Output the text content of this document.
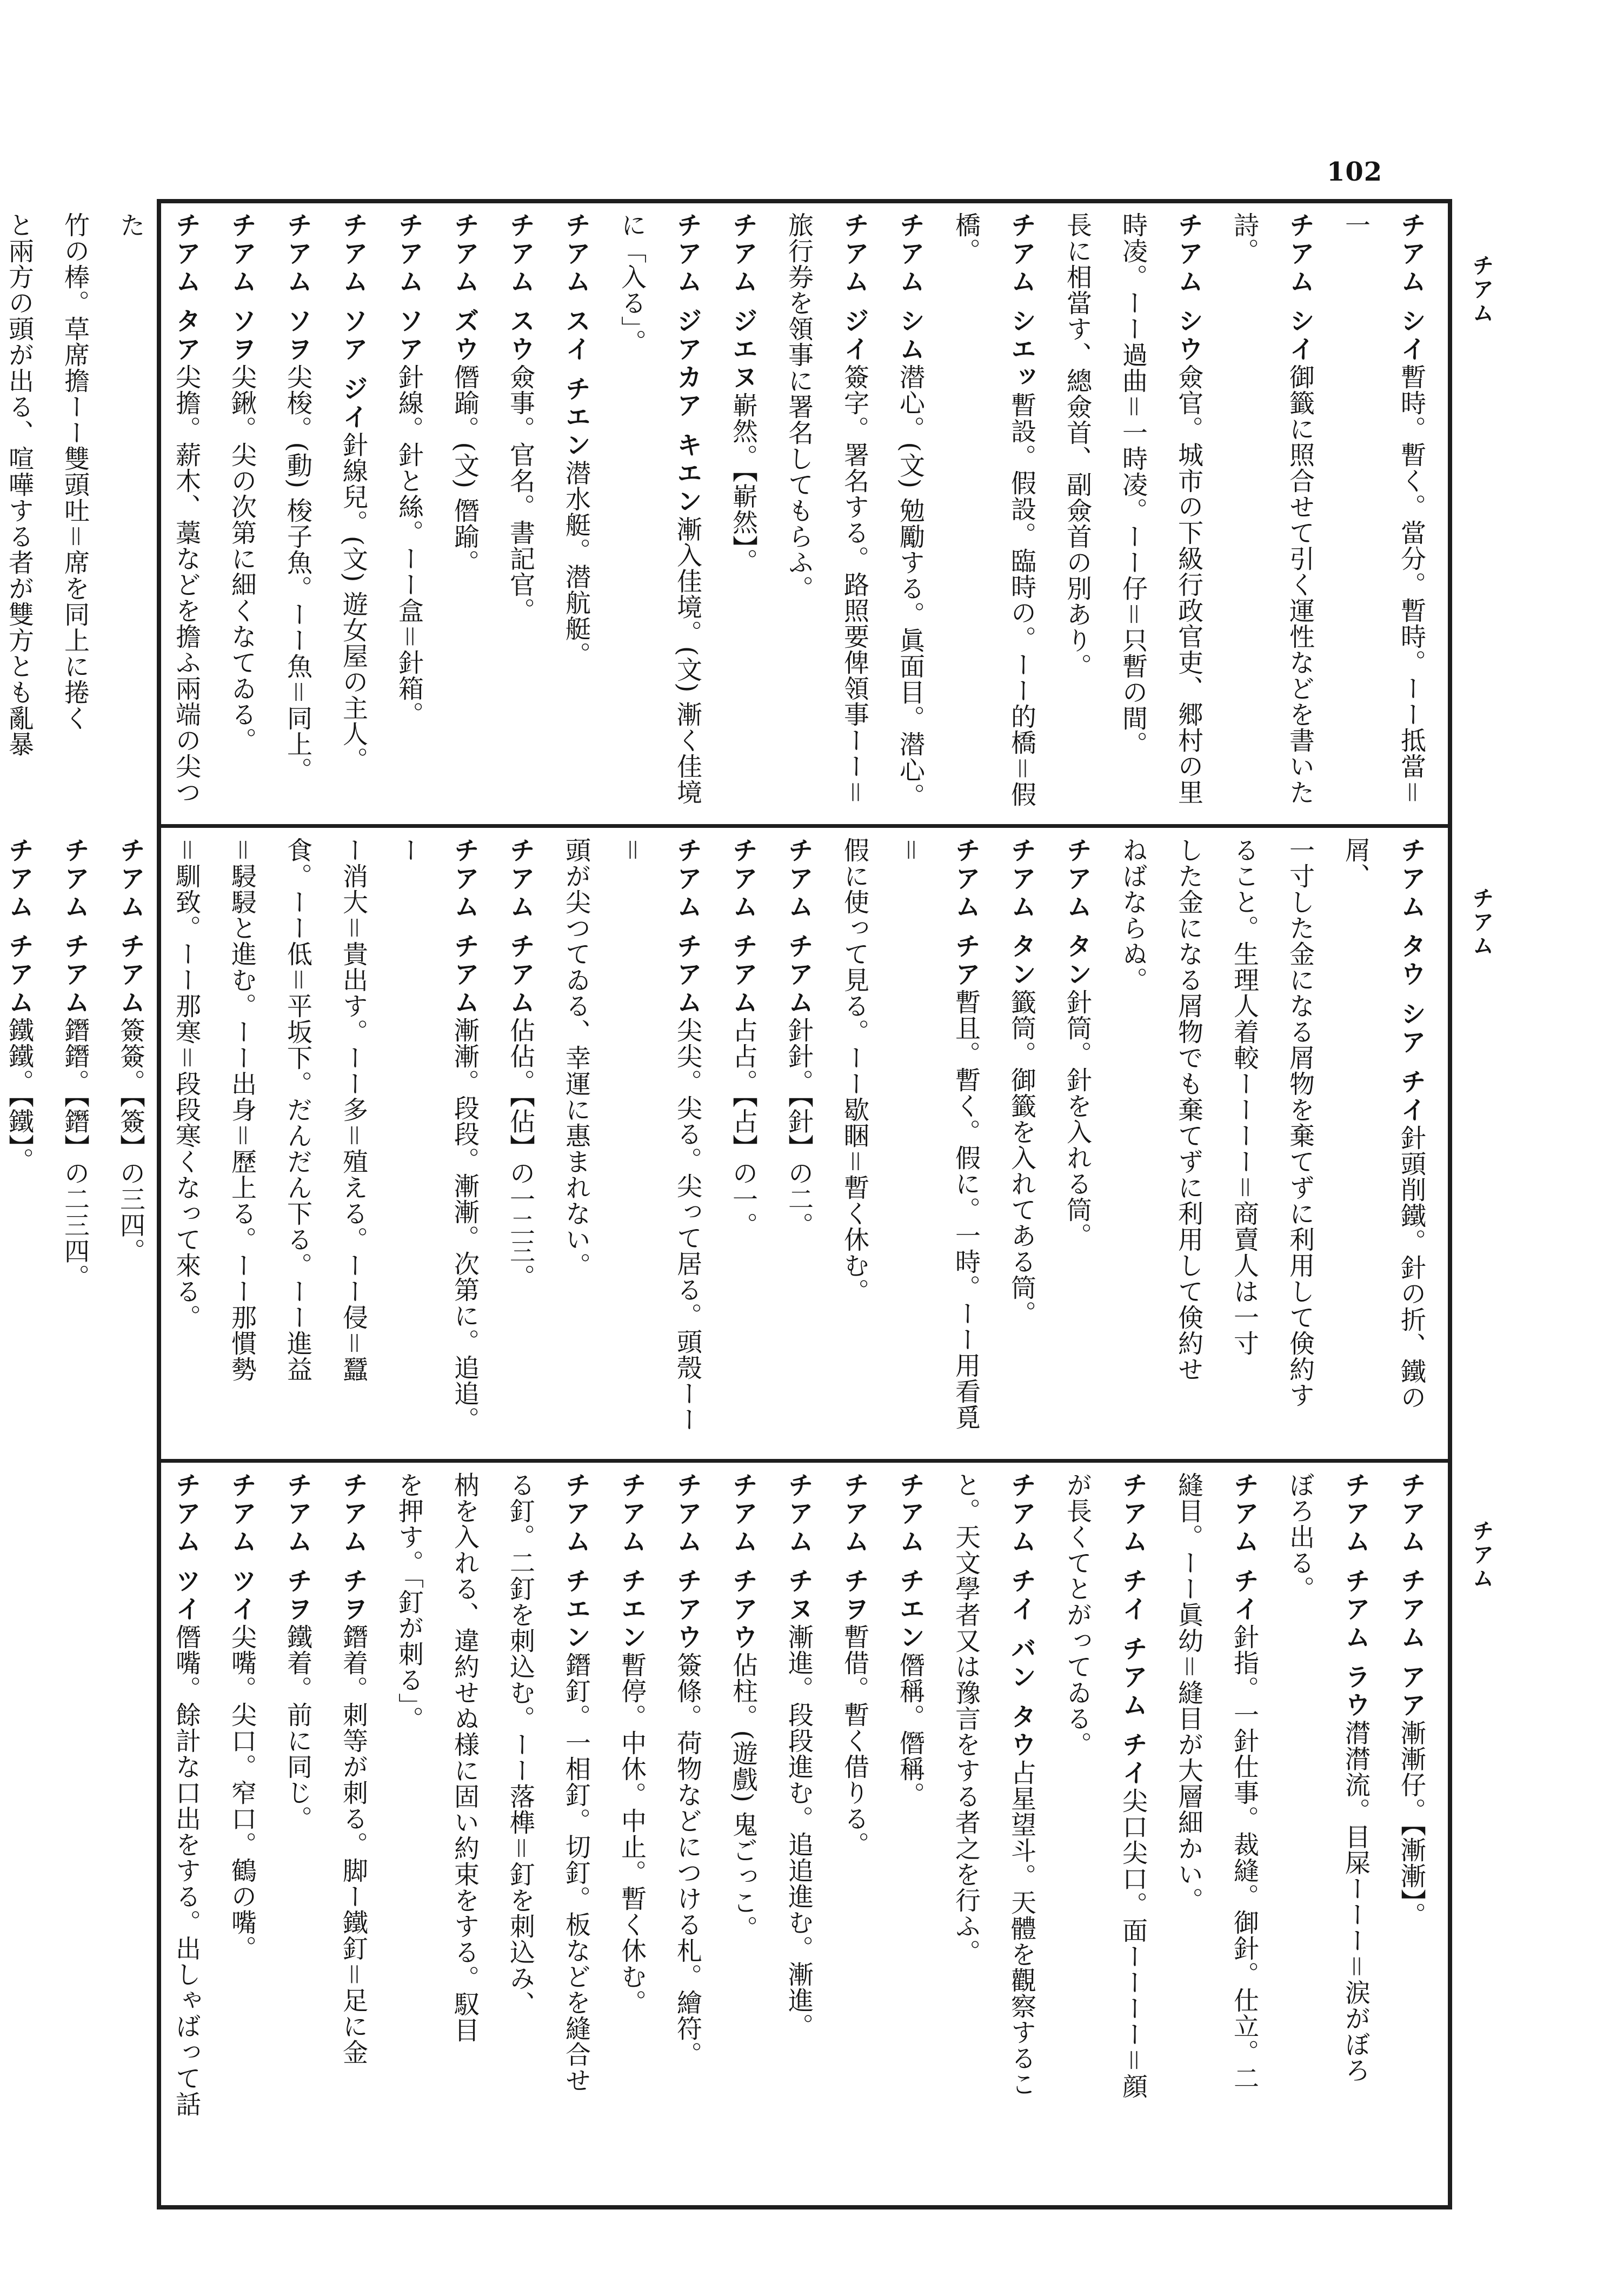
102
チアム
チアム
チアム

チアム シイ暫時。暫く。當分。暫時。ーー抵當＝一

チアム シイ御籤に照合せて引く運性などを書いた詩。

チアム シウ僉官。城市の下級行政官吏、郷村の里

時凌。ーー過曲＝一時凌。ーー仔＝只暫の間。

長に相當す、總僉首、副僉首の別あり。

チアム シエッ暫設。假設。臨時の。ーー的橋＝假橋。

チアム シム潜心。(文) 勉勵する。眞面目。潜心。

チアム ジイ簽字。署名する。路照要俾領事ーー＝

旅行券を領事に署名してもらふ。

チアム ジエヌ嶄然。【嶄然】。

チアム ジアカア キエン漸入佳境。(文) 漸く佳境に「入る」。

チアム スイ チエン潜水艇。潜航艇。

チアム スウ僉事。官名。書記官。

チアム ズウ僭踰。(文) 僭踰。

チアム ソア針線。針と絲。ーー盒＝針箱。

チアム ソア ジイ針線兒。(文) 遊女屋の主人。

チアム ソヲ尖梭。(動) 梭子魚。ーー魚＝同上。

チアム ソヲ尖鍬。尖の次第に細くなてゐる。

チアム タア尖擔。薪木、藁などを擔ふ兩端の尖つた

竹の棒。草席擔ーー雙頭吐＝席を同上に捲く

と兩方の頭が出る、喧嘩する者が雙方とも亂暴

チアム タウ シア チイ針頭削鐵。針の折、鐵の屑、

一寸した金になる屑物を棄てずに利用して倹約す

ること。生理人着較ーーーー＝商賣人は一寸

した金になる屑物でも棄てずに利用して倹約せ

ねばならぬ。

チアム タン針筒。針を入れる筒。

チアム タン籤筒。御籤を入れてある筒。

チアム チア暫且。暫く。假に。一時。ーー用看覓＝

假に使って見る。ーー歇睏＝暫く休む。

チアム チアム針針。【針】の二。

チアム チアム占占。【占】の一。

チアム チアム尖尖。尖る。尖って居る。頭殼ーー＝

頭が尖つてゐる、幸運に惠まれない。

チアム チアム佔佔。【佔】の一二三。

チアム チアム漸漸。段段。漸漸。次第に。追追。ー

ー消大＝貴出す。ーー多＝殖える。ーー侵＝蠶

食。ーー低＝平坂下。だんだん下る。ーー進益

＝駸駸と進む。ーー出身＝歷上る。ーー那慣勢

＝馴致。ーー那寒＝段段寒くなって來る。

チアム チアム簽簽。【簽】の三四。

チアム チアム鐕鐕。【鐕】の二三四。

チアム チアム鐵鐵。【鐵】。

チアム チアム アア漸漸仔。【漸漸】。

チアム チアム ラウ潸潸流。目屎ーーー＝涙がぼろ

ぼろ出る。

チアム チイ針指。一針仕事。裁縫。御針。仕立。二

縫目。ーー眞幼＝縫目が大層細かい。

チアム チイ チアム チイ尖口尖口。面ーーーー＝顔

が長くてとがってゐる。

チアム チイ バン タウ占星望斗。天體を觀察するこ

と。天文學者又は豫言をする者之を行ふ。

チアム チエン僭稱。僭稱。

チアム チヲ暫借。暫く借りる。

チアム チヌ漸進。段段進む。追追進む。漸進。

チアム チアウ佔柱。(遊戲) 鬼ごっこ。

チアム チアウ簽條。荷物などにつける札。繪符。

チアム チエン暫停。中休。中止。暫く休む。

チアム チエン鐕釘。一相釘。切釘。板などを縫合せ

る釘。二釘を刺込む。ーー落榫＝釘を刺込み、

枘を入れる、違約せぬ様に固い約束をする。馭目

を押す。「釘が刺る」。

チアム チヲ鐕着。刺等が刺る。脚ー鐵釘＝足に金

チアム チヲ鐵着。前に同じ。

チアム ツイ尖嘴。尖口。窄口。鶴の嘴。

チアム ツイ僭嘴。餘計な口出をする。出しゃばって話
